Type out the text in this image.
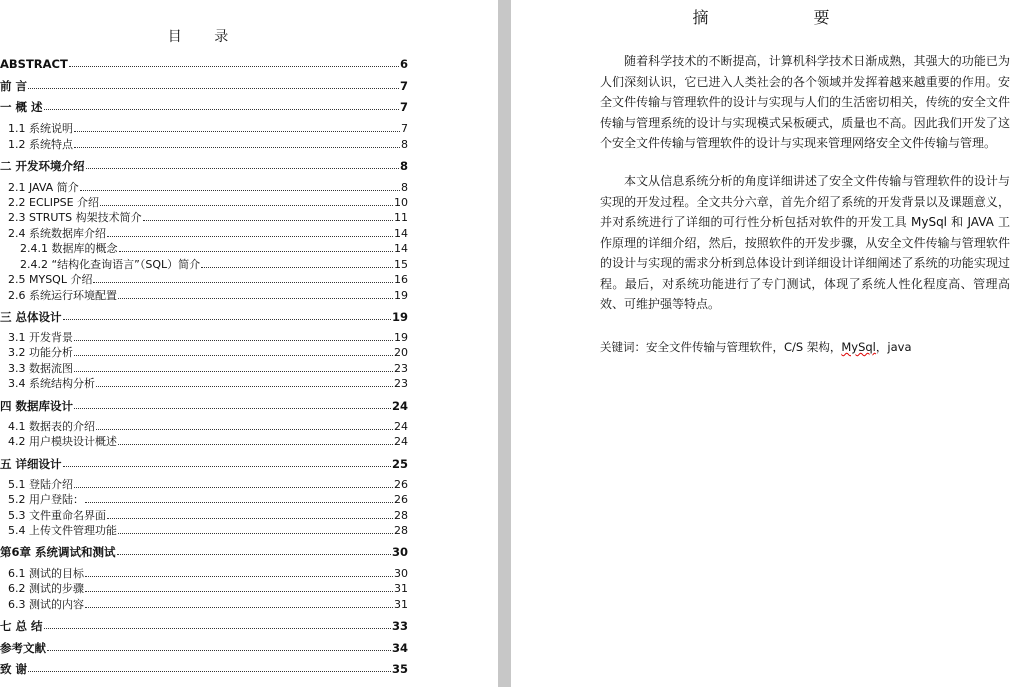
目 录
ABSTRACT	6
前 言	7
一 概 述	7
1.1 系统说明	7
1.2 系统特点	8
二 开发环境介绍	8
2.1 JAVA 简介	8
2.2 ECLIPSE 介绍	10
2.3 STRUTS 构架技术简介	11
2.4 系统数据库介绍	14
2.4.1 数据库的概念	14
2.4.2 “结构化查询语言”（SQL）简介	15
2.5 MYSQL 介绍	16
2.6 系统运行环境配置	19
三 总体设计	19
3.1 开发背景	19
3.2 功能分析	20
3.3 数据流图	23
3.4 系统结构分析	23
四 数据库设计	24
4.1 数据表的介绍	24
4.2 用户模块设计概述	24
五 详细设计	25
5.1 登陆介绍	26
5.2 用户登陆：	26
5.3 文件重命名界面	28
5.4 上传文件管理功能	28
第6章 系统调试和测试	30
6.1 测试的目标	30
6.2 测试的步骤	31
6.3 测试的内容	31
七 总 结	33
参考文献	34
致 谢	35
摘 要

随着科学技术的不断提高，计算机科学技术日渐成熟，其强大的功能已为人们深刻认识，它已进入人类社会的各个领域并发挥着越来越重要的作用。安全文件传输与管理软件的设计与实现与人们的生活密切相关，传统的安全文件传输与管理系统的设计与实现模式呆板硬式，质量也不高。因此我们开发了这个安全文件传输与管理软件的设计与实现来管理网络安全文件传输与管理。

本文从信息系统分析的角度详细讲述了安全文件传输与管理软件的设计与实现的开发过程。全文共分六章，首先介绍了系统的开发背景以及课题意义，并对系统进行了详细的可行性分析包括对软件的开发工具 MySql 和 JAVA 工作原理的详细介绍，然后，按照软件的开发步骤，从安全文件传输与管理软件的设计与实现的需求分析到总体设计到详细设计详细阐述了系统的功能实现过程。最后，对系统功能进行了专门测试，体现了系统人性化程度高、管理高效、可维护强等特点。

关键词：安全文件传输与管理软件，C/S 架构，MySql，java
